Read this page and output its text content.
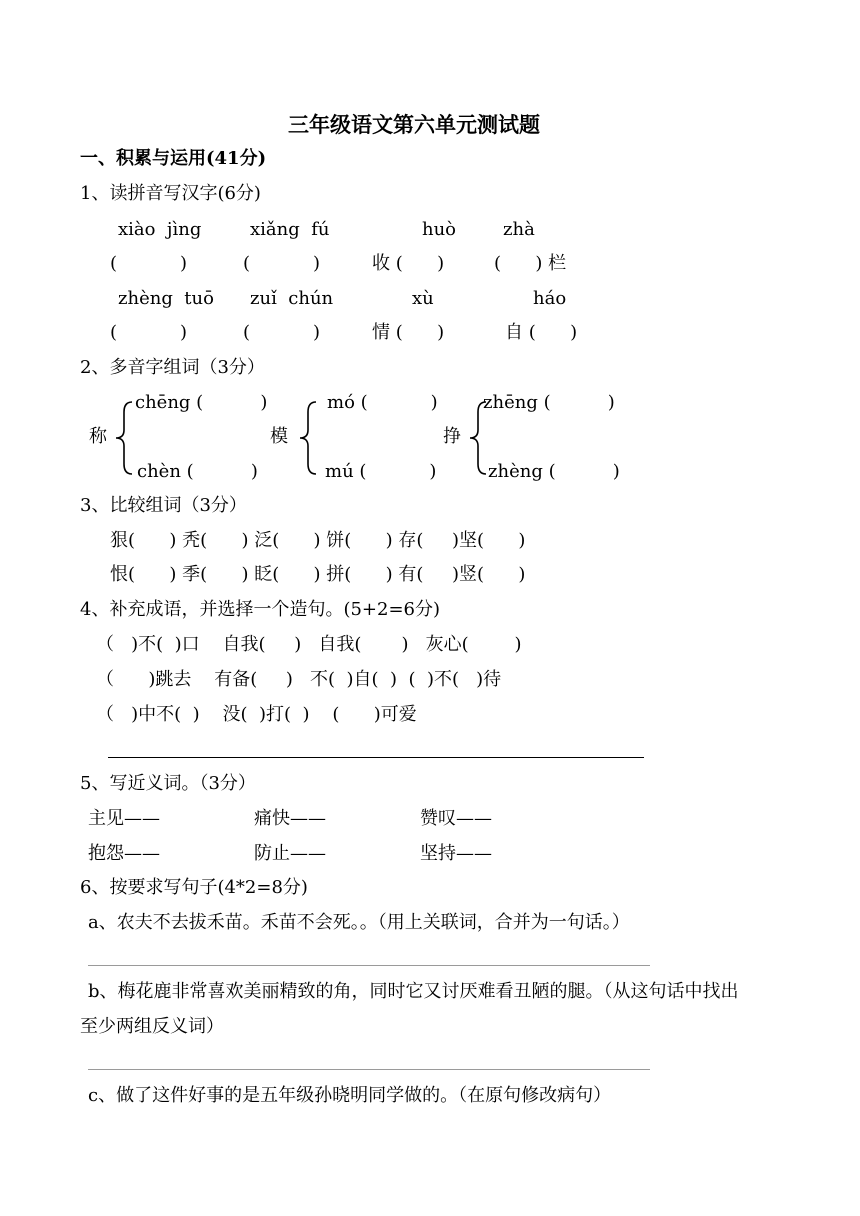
三年级语文第六单元测试题
一、积累与运用(41分)
1、读拼音写汉字(6分)
xiào  jìng	xiǎng  fú	huò	zhà
(           )	(           )	收 (      )	(      ) 栏
zhèng  tuō zuǐ  chún	xù	háo
(           )	(           )	情 (      )	自 (      )
2、多音字组词（3分）
称	模	挣
chēng (          )	mó (           )	zhēng (          )
chèn (          )	mú (           )	zhèng (          )
3、比较组词（3分）
狠(      ) 秃(      ) 泛(      ) 饼(      ) 存(     )坚(      )
恨(      ) 季(      ) 眨(      ) 拼(      ) 有(     )竖(      )
4、补充成语，并选择一个造句。(5+2=6分)
（   )不(  )口    自我(     )   自我(       )   灰心(        )
（      )跳去    有备(     )   不(  )自(  )  (  )不(   )待
（   )中不(  )    没(  )打(  )    (      )可爱
5、写近义词。（3分）
主见——	痛快——	赞叹——
抱怨——	防止——	坚持——
6、按要求写句子(4*2=8分)
a、农夫不去拔禾苗。禾苗不会死。。（用上关联词，合并为一句话。）
b、梅花鹿非常喜欢美丽精致的角，同时它又讨厌难看丑陋的腿。（从这句话中找出
至少两组反义词）
c、做了这件好事的是五年级孙晓明同学做的。（在原句修改病句）
